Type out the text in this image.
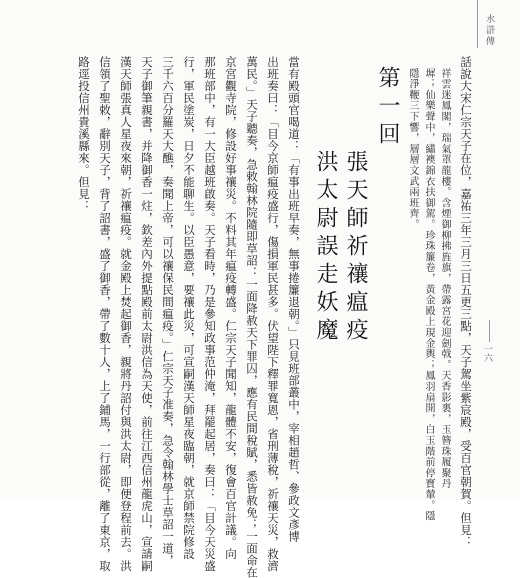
水滸傳
話說大宋仁宗天子在位，嘉祐三年三月三日五更三點，天子駕坐紫宸殿，受百官朝賀。但見：
祥雲迷鳳閣，瑞氣罩龍樓。含煙御柳拂旌旗，帶露宮花迎劍戟。天香影裏，玉簪珠履聚丹
墀；仙樂聲中，繡襖錦衣扶御駕。珍珠簾卷，黃金殿上現金輿；鳳羽扇開，白玉階前停寶輦。隱
隱淨鞭三下響，層層文武兩班齊。
第一回
張天師祈禳瘟疫
洪太尉誤走妖魔
當有殿頭官喝道：「有事出班早奏，無事捲簾退朝。」只見班部叢中，宰相趙哲、參政文彥博
出班奏曰：「目今京師瘟疫盛行，傷損軍民甚多。伏望陛下釋罪寬恩，省刑薄稅，祈禳天災，救濟
萬民。」天子聽奏，急敕翰林院隨即草詔：一面降赦天下罪囚，應有民間稅賦，悉皆赦免；一面命在
京宮觀寺院，修設好事禳災。不料其年瘟疫轉盛。仁宗天子聞知，龍體不安，復會百官計議。向
那班部中，有一大臣越班啟奏。天子看時，乃是參知政事范仲淹，拜罷起居，奏曰：「目今天災盛
行，軍民塗炭，日夕不能聊生。以臣愚意，要禳此災，可宣嗣漢天師星夜臨朝，就京師禁院修設
三千六百分羅天大醮，奏聞上帝，可以禳保民間瘟疫。」仁宗天子准奏，急令翰林學士草詔一道，
天子御筆親書，并降御香一炷，欽差內外提點殿前太尉洪信為天使，前往江西信州龍虎山，宣請嗣
漢天師張真人星夜來朝，祈禳瘟疫。就金殿上焚起御香，親將丹詔付與洪太尉，即便登程前去。洪
信領了聖敕，辭別天子，背了詔書，盛了御香，帶了數十人，上了鋪馬，一行部從，離了東京，取
路逕投信州貴溪縣來。但見：
一六
